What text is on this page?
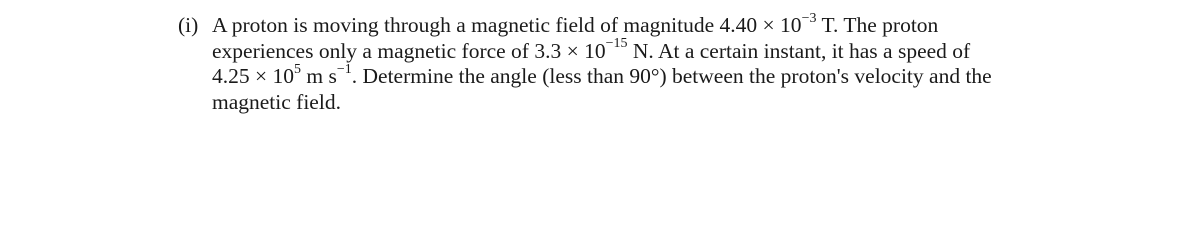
(i) A proton is moving through a magnetic field of magnitude $4.40 \times 10^{-3}$ T. The proton
experiences only a magnetic force of $3.3 \times 10^{-15}$ N. At a certain instant, it has a speed of
$4.25 \times 10^5$ m $s^{-1}$. Determine the angle (less than 90°) between the proton's velocity and the
magnetic field.
